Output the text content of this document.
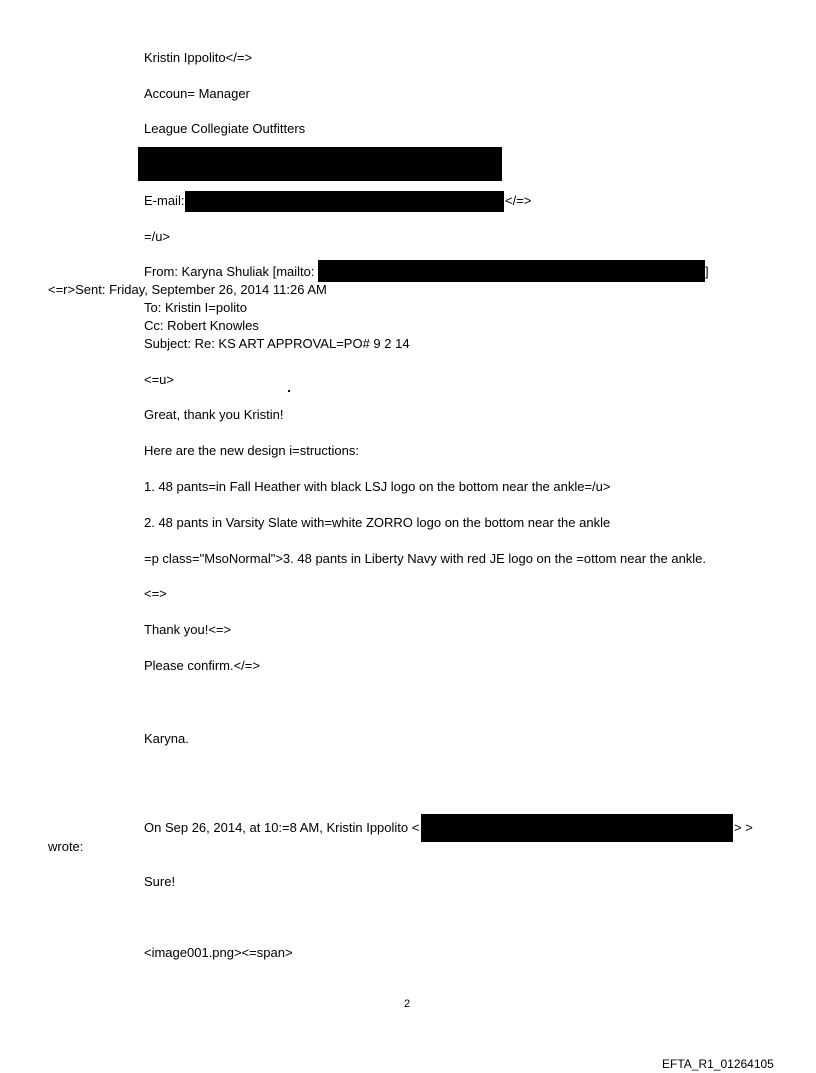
Kristin Ippolito</=>
Accoun= Manager
League Collegiate Outfitters
E-mail:	</=>
=/u>
From: Karyna Shuliak [mailto:	]
<=r>Sent: Friday, September 26, 2014 11:26 AM
To: Kristin I=polito
Cc: Robert Knowles
Subject: Re: KS ART APPROVAL=PO# 9 2 14
<=u>
Great, thank you Kristin!
Here are the new design i=structions:
1. 48 pants=in Fall Heather with black LSJ logo on the bottom near the ankle=/u>
2. 48 pants in Varsity Slate with=white ZORRO logo on the bottom near the ankle
=p class="MsoNormal">3. 48 pants in Liberty Navy with red JE logo on the =ottom near the ankle.
<=>
Thank you!<=>
Please confirm.</=>
Karyna.
On Sep 26, 2014, at 10:=8 AM, Kristin Ippolito <	> >
wrote:
Sure!
<image001.png><=span>
2
EFTA_R1_01264105
